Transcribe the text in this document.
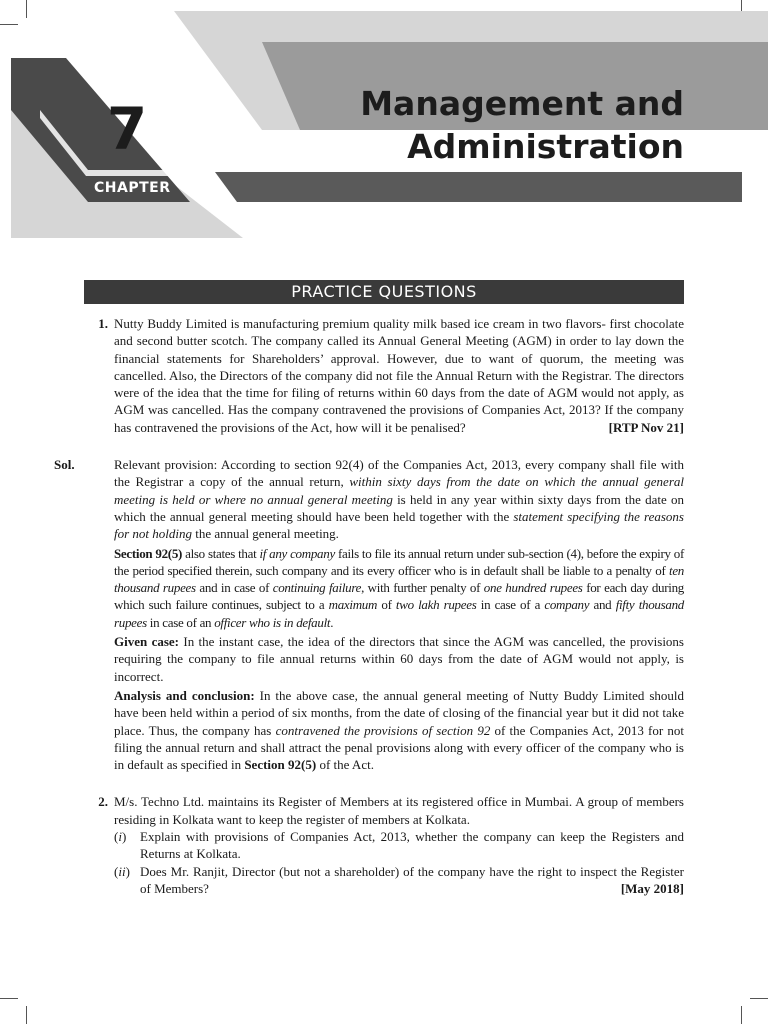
7
CHAPTER
Management and
Administration
PRACTICE QUESTIONS
1. Nutty Buddy Limited is manufacturing premium quality milk based ice cream in two flavors- first chocolate and second butter scotch. The company called its Annual General Meeting (AGM) in order to lay down the financial statements for Shareholders’ approval. However, due to want of quorum, the meeting was cancelled. Also, the Directors of the company did not file the Annual Return with the Registrar. The directors were of the idea that the time for filing of returns within 60 days from the date of AGM would not apply, as AGM was cancelled. Has the company contravened the provisions of Companies Act, 2013? If the company has contravened the provisions of the Act, how will it be penalised?	[RTP Nov 21]

Sol.	Relevant provision: According to section 92(4) of the Companies Act, 2013, every company shall file with the Registrar a copy of the annual return, within sixty days from the date on which the annual general meeting is held or where no annual general meeting is held in any year within sixty days from the date on which the annual general meeting should have been held together with the statement specifying the reasons for not holding the annual general meeting.

Section 92(5) also states that if any company fails to file its annual return under sub-section (4), before the expiry of the period specified therein, such company and its every officer who is in default shall be liable to a penalty of ten thousand rupees and in case of continuing failure, with further penalty of one hundred rupees for each day during which such failure continues, subject to a maximum of two lakh rupees in case of a company and fifty thousand rupees in case of an officer who is in default.

Given case: In the instant case, the idea of the directors that since the AGM was cancelled, the provisions requiring the company to file annual returns within 60 days from the date of AGM would not apply, is incorrect.

Analysis and conclusion: In the above case, the annual general meeting of Nutty Buddy Limited should have been held within a period of six months, from the date of closing of the financial year but it did not take place. Thus, the company has contravened the provisions of section 92 of the Companies Act, 2013 for not filing the annual return and shall attract the penal provisions along with every officer of the company who is in default as specified in Section 92(5) of the Act.

2. M/s. Techno Ltd. maintains its Register of Members at its registered office in Mumbai. A group of members residing in Kolkata want to keep the register of members at Kolkata.

(i) Explain with provisions of Companies Act, 2013, whether the company can keep the Registers and Returns at Kolkata.
(ii) Does Mr. Ranjit, Director (but not a shareholder) of the company have the right to inspect the Register of Members?	[May 2018]
